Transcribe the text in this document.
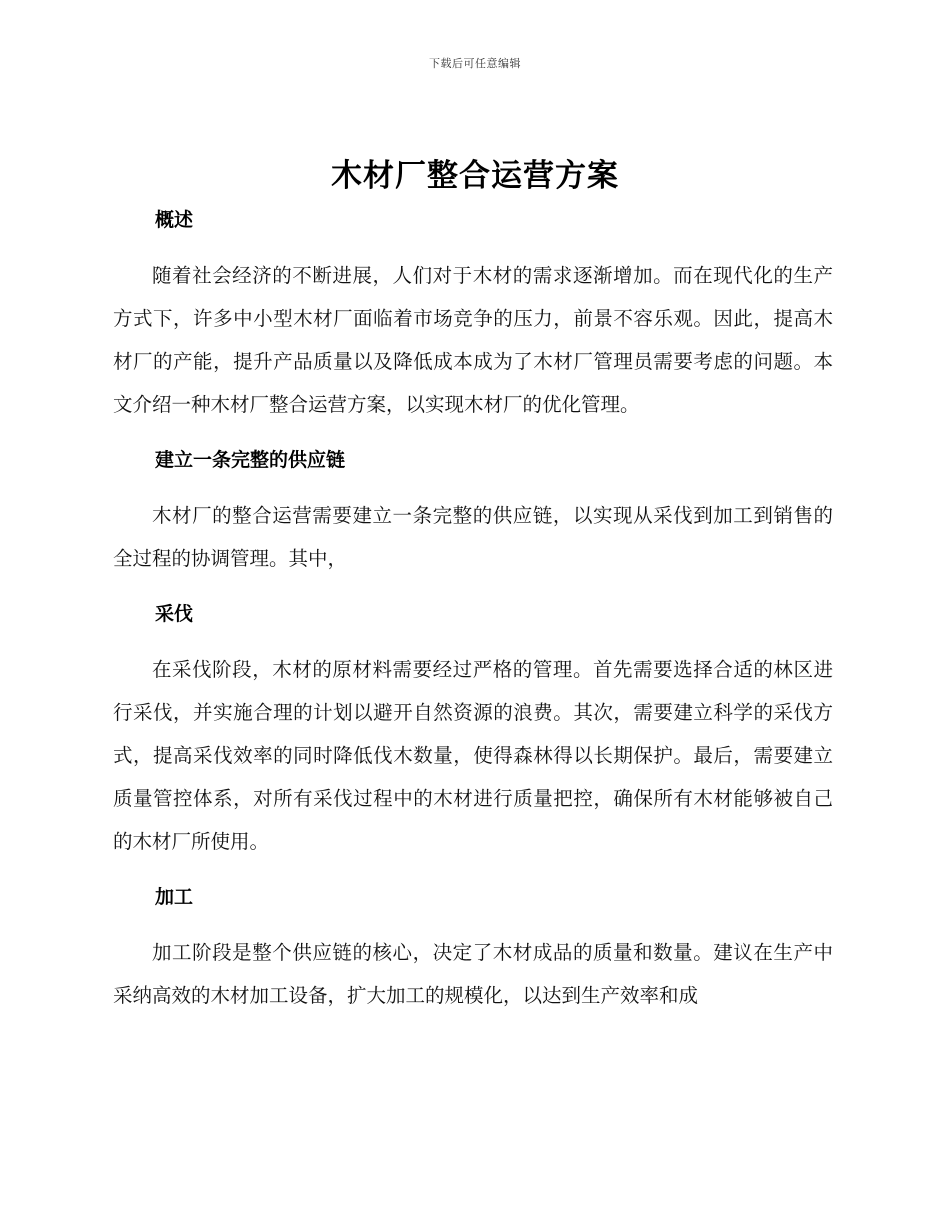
下载后可任意编辑
木材厂整合运营方案
概述

随着社会经济的不断进展，人们对于木材的需求逐渐增加。而在现代化的生产方式下，许多中小型木材厂面临着市场竞争的压力，前景不容乐观。因此，提高木材厂的产能，提升产品质量以及降低成本成为了木材厂管理员需要考虑的问题。本文介绍一种木材厂整合运营方案，以实现木材厂的优化管理。

建立一条完整的供应链

木材厂的整合运营需要建立一条完整的供应链，以实现从采伐到加工到销售的全过程的协调管理。其中，

采伐

在采伐阶段，木材的原材料需要经过严格的管理。首先需要选择合适的林区进行采伐，并实施合理的计划以避开自然资源的浪费。其次，需要建立科学的采伐方式，提高采伐效率的同时降低伐木数量，使得森林得以长期保护。最后，需要建立质量管控体系，对所有采伐过程中的木材进行质量把控，确保所有木材能够被自己的木材厂所使用。

加工

加工阶段是整个供应链的核心，决定了木材成品的质量和数量。建议在生产中采纳高效的木材加工设备，扩大加工的规模化，以达到生产效率和成
